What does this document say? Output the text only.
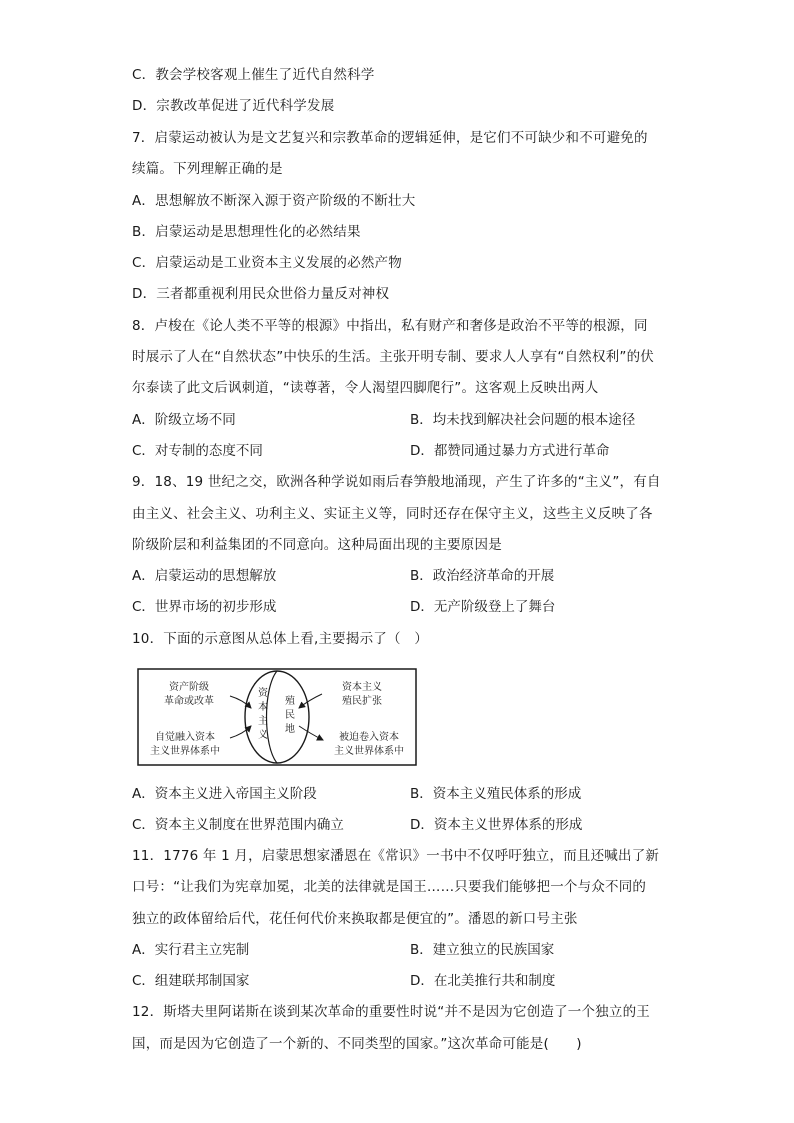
C．教会学校客观上催生了近代自然科学
D．宗教改革促进了近代科学发展
7．启蒙运动被认为是文艺复兴和宗教革命的逻辑延伸，是它们不可缺少和不可避免的
续篇。下列理解正确的是
A．思想解放不断深入源于资产阶级的不断壮大
B．启蒙运动是思想理性化的必然结果
C．启蒙运动是工业资本主义发展的必然产物
D．三者都重视利用民众世俗力量反对神权
8．卢梭在《论人类不平等的根源》中指出，私有财产和奢侈是政治不平等的根源，同
时展示了人在“自然状态”中快乐的生活。主张开明专制、要求人人享有“自然权利”的伏
尔泰读了此文后讽刺道，“读尊著，令人渴望四脚爬行”。这客观上反映出两人
A．阶级立场不同	B．均未找到解决社会问题的根本途径
C．对专制的态度不同	D．都赞同通过暴力方式进行革命
9．18、19 世纪之交，欧洲各种学说如雨后春笋般地涌现，产生了许多的“主义”，有自
由主义、社会主义、功利主义、实证主义等，同时还存在保守主义，这些主义反映了各
阶级阶层和利益集团的不同意向。这种局面出现的主要原因是
A．启蒙运动的思想解放	B．政治经济革命的开展
C．世界市场的初步形成	D．无产阶级登上了舞台
10．下面的示意图从总体上看,主要揭示了（　）
资产阶级
革命或改革
自觉融入资本
主义世界体系中
资
本
主
义
殖
民
地
资本主义
殖民扩张
被迫卷入资本
主义世界体系中
A．资本主义进入帝国主义阶段	B．资本主义殖民体系的形成
C．资本主义制度在世界范围内确立	D．资本主义世界体系的形成
11．1776 年 1 月，启蒙思想家潘恩在《常识》一书中不仅呼吁独立，而且还喊出了新
口号：“让我们为宪章加冕，北美的法律就是国王……只要我们能够把一个与众不同的
独立的政体留给后代，花任何代价来换取都是便宜的”。潘恩的新口号主张
A．实行君主立宪制	B．建立独立的民族国家
C．组建联邦制国家	D．在北美推行共和制度
12．斯塔夫里阿诺斯在谈到某次革命的重要性时说“并不是因为它创造了一个独立的王
国，而是因为它创造了一个新的、不同类型的国家。”这次革命可能是(　　)
